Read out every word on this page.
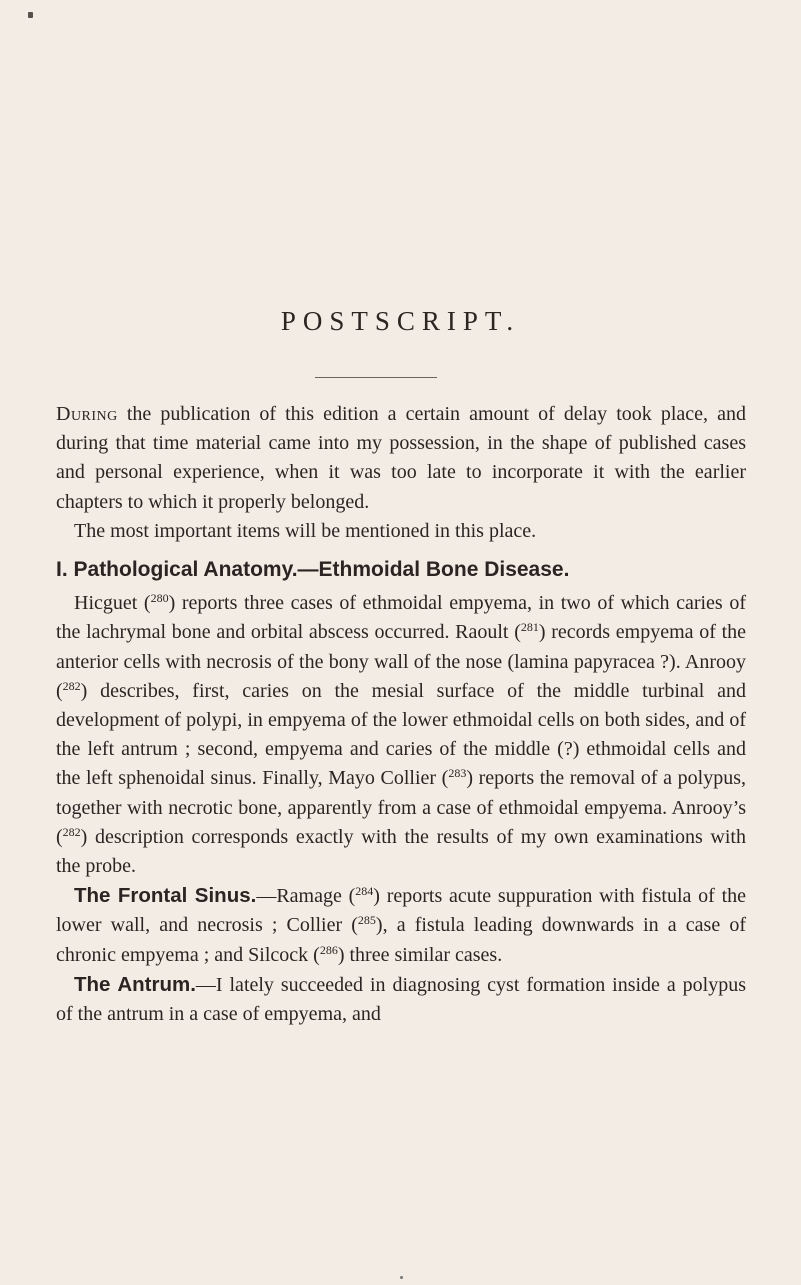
POSTSCRIPT.

During the publication of this edition a certain amount of delay took place, and during that time material came into my possession, in the shape of published cases and personal experience, when it was too late to incorporate it with the earlier chapters to which it properly belonged.

The most important items will be mentioned in this place.

I. Pathological Anatomy.—Ethmoidal Bone Disease.

Hicguet ($^{280}$) reports three cases of ethmoidal empyema, in two of which caries of the lachrymal bone and orbital abscess occurred. Raoult ($^{281}$) records empyema of the anterior cells with necrosis of the bony wall of the nose (lamina papyracea ?). Anrooy ($^{282}$) describes, first, caries on the mesial surface of the middle turbinal and development of polypi, in empyema of the lower ethmoidal cells on both sides, and of the left antrum ; second, empyema and caries of the middle (?) ethmoidal cells and the left sphenoidal sinus. Finally, Mayo Collier ($^{283}$) reports the removal of a polypus, together with necrotic bone, apparently from a case of ethmoidal empyema. Anrooy’s ($^{282}$) description corresponds exactly with the results of my own examinations with the probe.

The Frontal Sinus.—Ramage ($^{284}$) reports acute suppuration with fistula of the lower wall, and necrosis ; Collier ($^{285}$), a fistula leading downwards in a case of chronic empyema ; and Silcock ($^{286}$) three similar cases.

The Antrum.—I lately succeeded in diagnosing cyst formation inside a polypus of the antrum in a case of empyema, and
